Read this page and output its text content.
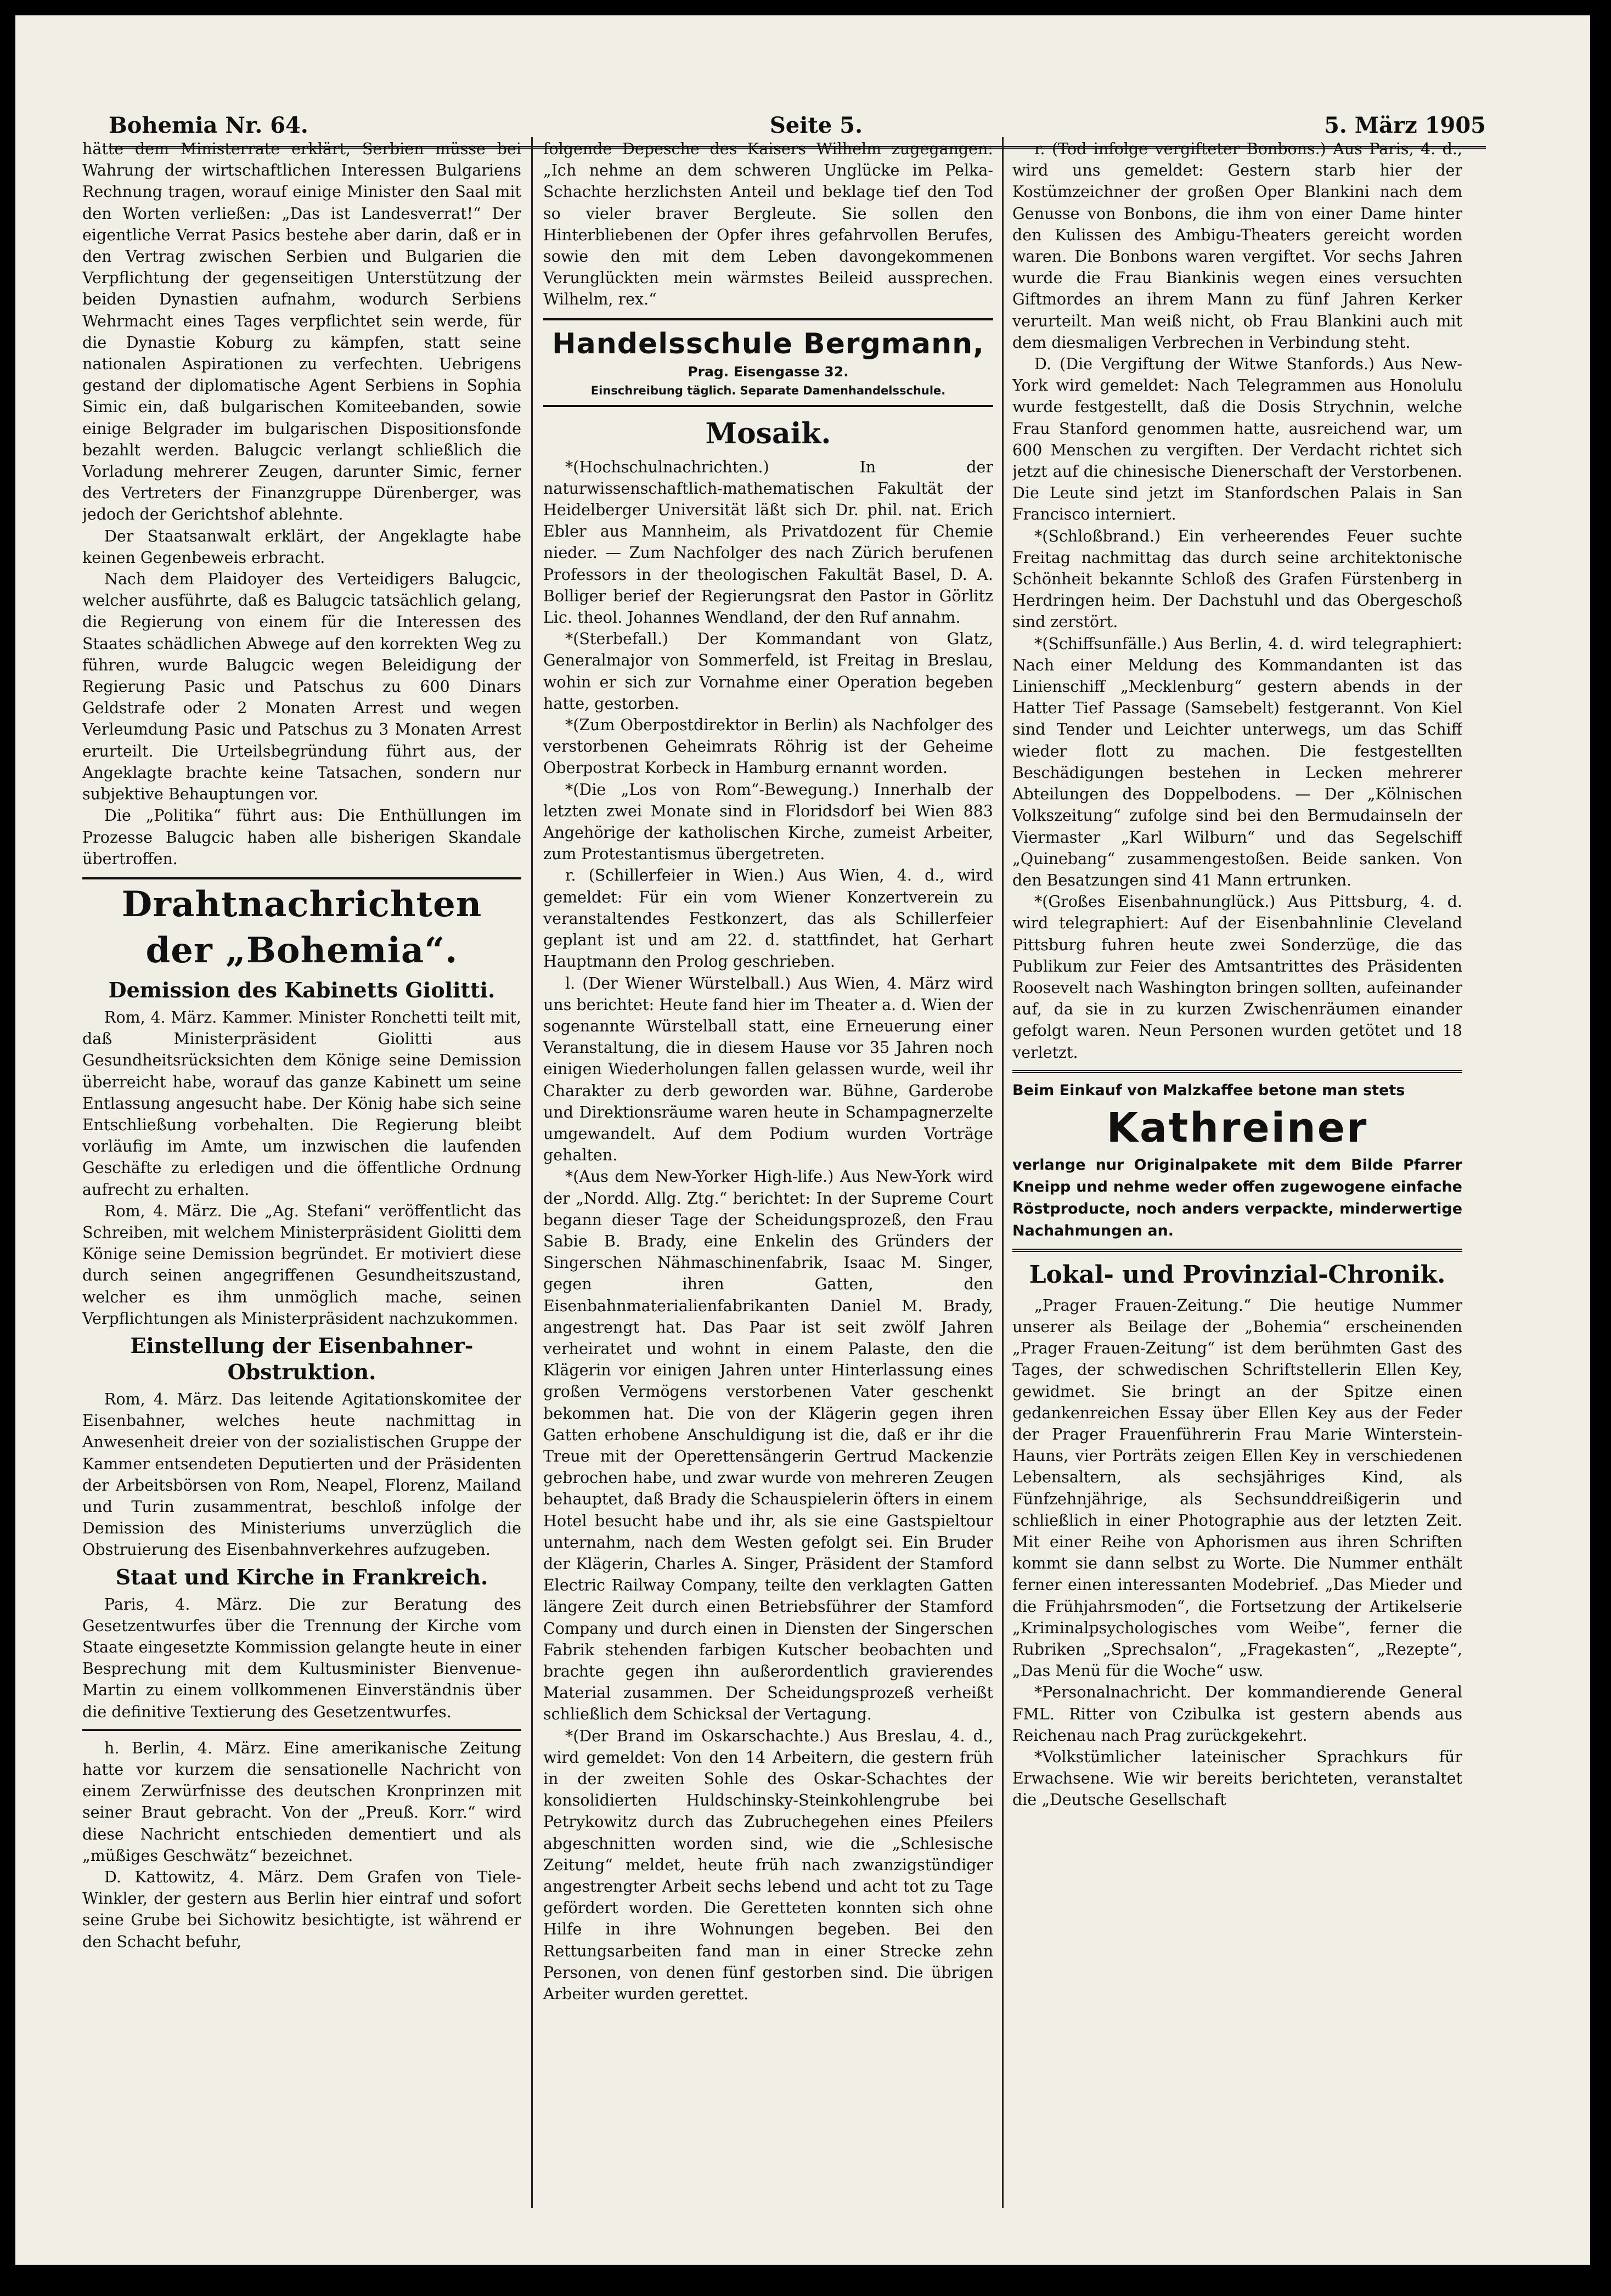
Bohemia Nr. 64.	Seite 5.	5. März 1905

hätte dem Ministerrate erklärt, Serbien müsse bei Wahrung der wirtschaftlichen Interessen Bulgariens Rechnung tragen, worauf einige Minister den Saal mit den Worten verließen: „Das ist Landesverrat!“ Der eigentliche Verrat Pasics bestehe aber darin, daß er in den Vertrag zwischen Serbien und Bulgarien die Verpflichtung der gegenseitigen Unterstützung der beiden Dynastien aufnahm, wodurch Serbiens Wehrmacht eines Tages verpflichtet sein werde, für die Dynastie Koburg zu kämpfen, statt seine nationalen Aspirationen zu verfechten. Uebrigens gestand der diplomatische Agent Serbiens in Sophia Simic ein, daß bulgarischen Komiteebanden, sowie einige Belgrader im bulgarischen Dispositionsfonde bezahlt werden. Balugcic verlangt schließlich die Vorladung mehrerer Zeugen, darunter Simic, ferner des Vertreters der Finanzgruppe Dürenberger, was jedoch der Gerichtshof ablehnte.

Der Staatsanwalt erklärt, der Angeklagte habe keinen Gegenbeweis erbracht.

Nach dem Plaidoyer des Verteidigers Balugcic, welcher ausführte, daß es Balugcic tatsächlich gelang, die Regierung von einem für die Interessen des Staates schädlichen Abwege auf den korrekten Weg zu führen, wurde Balugcic wegen Beleidigung der Regierung Pasic und Patschus zu 600 Dinars Geldstrafe oder 2 Monaten Arrest und wegen Verleumdung Pasic und Patschus zu 3 Monaten Arrest erurteilt. Die Urteilsbegründung führt aus, der Angeklagte brachte keine Tatsachen, sondern nur subjektive Behauptungen vor.

Die „Politika“ führt aus: Die Enthüllungen im Prozesse Balugcic haben alle bisherigen Skandale übertroffen.

Drahtnachrichten der „Bohemia“.
Demission des Kabinetts Giolitti.

Rom, 4. März. Kammer. Minister Ronchetti teilt mit, daß Ministerpräsident Giolitti aus Gesundheitsrücksichten dem Könige seine Demission überreicht habe, worauf das ganze Kabinett um seine Entlassung angesucht habe. Der König habe sich seine Entschließung vorbehalten. Die Regierung bleibt vorläufig im Amte, um inzwischen die laufenden Geschäfte zu erledigen und die öffentliche Ordnung aufrecht zu erhalten.

Rom, 4. März. Die „Ag. Stefani“ veröffentlicht das Schreiben, mit welchem Ministerpräsident Giolitti dem Könige seine Demission begründet. Er motiviert diese durch seinen angegriffenen Gesundheitszustand, welcher es ihm unmöglich mache, seinen Verpflichtungen als Ministerpräsident nachzukommen.

Einstellung der Eisenbahner-Obstruktion.

Rom, 4. März. Das leitende Agitationskomitee der Eisenbahner, welches heute nachmittag in Anwesenheit dreier von der sozialistischen Gruppe der Kammer entsendeten Deputierten und der Präsidenten der Arbeitsbörsen von Rom, Neapel, Florenz, Mailand und Turin zusammentrat, beschloß infolge der Demission des Ministeriums unverzüglich die Obstruierung des Eisenbahnverkehres aufzugeben.

Staat und Kirche in Frankreich.

Paris, 4. März. Die zur Beratung des Gesetzentwurfes über die Trennung der Kirche vom Staate eingesetzte Kommission gelangte heute in einer Besprechung mit dem Kultusminister Bienvenue-Martin zu einem vollkommenen Einverständnis über die definitive Textierung des Gesetzentwurfes.

h. Berlin, 4. März. Eine amerikanische Zeitung hatte vor kurzem die sensationelle Nachricht von einem Zerwürfnisse des deutschen Kronprinzen mit seiner Braut gebracht. Von der „Preuß. Korr.“ wird diese Nachricht entschieden dementiert und als „müßiges Geschwätz“ bezeichnet.

D. Kattowitz, 4. März. Dem Grafen von Tiele-Winkler, der gestern aus Berlin hier eintraf und sofort seine Grube bei Sichowitz besichtigte, ist während er den Schacht befuhr,

folgende Depesche des Kaisers Wilhelm zugegangen: „Ich nehme an dem schweren Unglücke im Pelka-Schachte herzlichsten Anteil und beklage tief den Tod so vieler braver Bergleute. Sie sollen den Hinterbliebenen der Opfer ihres gefahrvollen Berufes, sowie den mit dem Leben davongekommenen Verunglückten mein wärmstes Beileid aussprechen. Wilhelm, rex.“

Handelsschule Bergmann,
Prag. Eisengasse 32.
Einschreibung täglich. Separate Damenhandelsschule.
Mosaik.

*(Hochschulnachrichten.) In der naturwissenschaftlich-mathematischen Fakultät der Heidelberger Universität läßt sich Dr. phil. nat. Erich Ebler aus Mannheim, als Privatdozent für Chemie nieder. — Zum Nachfolger des nach Zürich berufenen Professors in der theologischen Fakultät Basel, D. A. Bolliger berief der Regierungsrat den Pastor in Görlitz Lic. theol. Johannes Wendland, der den Ruf annahm.

*(Sterbefall.) Der Kommandant von Glatz, Generalmajor von Sommerfeld, ist Freitag in Breslau, wohin er sich zur Vornahme einer Operation begeben hatte, gestorben.

*(Zum Oberpostdirektor in Berlin) als Nachfolger des verstorbenen Geheimrats Röhrig ist der Geheime Oberpostrat Korbeck in Hamburg ernannt worden.

*(Die „Los von Rom“-Bewegung.) Innerhalb der letzten zwei Monate sind in Floridsdorf bei Wien 883 Angehörige der katholischen Kirche, zumeist Arbeiter, zum Protestantismus übergetreten.

r. (Schillerfeier in Wien.) Aus Wien, 4. d., wird gemeldet: Für ein vom Wiener Konzertverein zu veranstaltendes Festkonzert, das als Schillerfeier geplant ist und am 22. d. stattfindet, hat Gerhart Hauptmann den Prolog geschrieben.

l. (Der Wiener Würstelball.) Aus Wien, 4. März wird uns berichtet: Heute fand hier im Theater a. d. Wien der sogenannte Würstelball statt, eine Erneuerung einer Veranstaltung, die in diesem Hause vor 35 Jahren noch einigen Wiederholungen fallen gelassen wurde, weil ihr Charakter zu derb geworden war. Bühne, Garderobe und Direktionsräume waren heute in Schampagnerzelte umgewandelt. Auf dem Podium wurden Vorträge gehalten.

*(Aus dem New-Yorker High-life.) Aus New-York wird der „Nordd. Allg. Ztg.“ berichtet: In der Supreme Court begann dieser Tage der Scheidungsprozeß, den Frau Sabie B. Brady, eine Enkelin des Gründers der Singerschen Nähmaschinenfabrik, Isaac M. Singer, gegen ihren Gatten, den Eisenbahnmaterialienfabrikanten Daniel M. Brady, angestrengt hat. Das Paar ist seit zwölf Jahren verheiratet und wohnt in einem Palaste, den die Klägerin vor einigen Jahren unter Hinterlassung eines großen Vermögens verstorbenen Vater geschenkt bekommen hat. Die von der Klägerin gegen ihren Gatten erhobene Anschuldigung ist die, daß er ihr die Treue mit der Operettensängerin Gertrud Mackenzie gebrochen habe, und zwar wurde von mehreren Zeugen behauptet, daß Brady die Schauspielerin öfters in einem Hotel besucht habe und ihr, als sie eine Gastspieltour unternahm, nach dem Westen gefolgt sei. Ein Bruder der Klägerin, Charles A. Singer, Präsident der Stamford Electric Railway Company, teilte den verklagten Gatten längere Zeit durch einen Betriebsführer der Stamford Company und durch einen in Diensten der Singerschen Fabrik stehenden farbigen Kutscher beobachten und brachte gegen ihn außerordentlich gravierendes Material zusammen. Der Scheidungsprozeß verheißt schließlich dem Schicksal der Vertagung.

*(Der Brand im Oskarschachte.) Aus Breslau, 4. d., wird gemeldet: Von den 14 Arbeitern, die gestern früh in der zweiten Sohle des Oskar-Schachtes der konsolidierten Huldschinsky-Steinkohlengrube bei Petrykowitz durch das Zubruchegehen eines Pfeilers abgeschnitten worden sind, wie die „Schlesische Zeitung“ meldet, heute früh nach zwanzigstündiger angestrengter Arbeit sechs lebend und acht tot zu Tage gefördert worden. Die Geretteten konnten sich ohne Hilfe in ihre Wohnungen begeben. Bei den Rettungsarbeiten fand man in einer Strecke zehn Personen, von denen fünf gestorben sind. Die übrigen Arbeiter wurden gerettet.

r. (Tod infolge vergifteter Bonbons.) Aus Paris, 4. d., wird uns gemeldet: Gestern starb hier der Kostümzeichner der großen Oper Blankini nach dem Genusse von Bonbons, die ihm von einer Dame hinter den Kulissen des Ambigu-Theaters gereicht worden waren. Die Bonbons waren vergiftet. Vor sechs Jahren wurde die Frau Biankinis wegen eines versuchten Giftmordes an ihrem Mann zu fünf Jahren Kerker verurteilt. Man weiß nicht, ob Frau Blankini auch mit dem diesmaligen Verbrechen in Verbindung steht.

D. (Die Vergiftung der Witwe Stanfords.) Aus New-York wird gemeldet: Nach Telegrammen aus Honolulu wurde festgestellt, daß die Dosis Strychnin, welche Frau Stanford genommen hatte, ausreichend war, um 600 Menschen zu vergiften. Der Verdacht richtet sich jetzt auf die chinesische Dienerschaft der Verstorbenen. Die Leute sind jetzt im Stanfordschen Palais in San Francisco interniert.

*(Schloßbrand.) Ein verheerendes Feuer suchte Freitag nachmittag das durch seine architektonische Schönheit bekannte Schloß des Grafen Fürstenberg in Herdringen heim. Der Dachstuhl und das Obergeschoß sind zerstört.

*(Schiffsunfälle.) Aus Berlin, 4. d. wird telegraphiert: Nach einer Meldung des Kommandanten ist das Linienschiff „Mecklenburg“ gestern abends in der Hatter Tief Passage (Samsebelt) festgerannt. Von Kiel sind Tender und Leichter unterwegs, um das Schiff wieder flott zu machen. Die festgestellten Beschädigungen bestehen in Lecken mehrerer Abteilungen des Doppelbodens. — Der „Kölnischen Volkszeitung“ zufolge sind bei den Bermudainseln der Viermaster „Karl Wilburn“ und das Segelschiff „Quinebang“ zusammengestoßen. Beide sanken. Von den Besatzungen sind 41 Mann ertrunken.

*(Großes Eisenbahnunglück.) Aus Pittsburg, 4. d. wird telegraphiert: Auf der Eisenbahnlinie Cleveland Pittsburg fuhren heute zwei Sonderzüge, die das Publikum zur Feier des Amtsantrittes des Präsidenten Roosevelt nach Washington bringen sollten, aufeinander auf, da sie in zu kurzen Zwischenräumen einander gefolgt waren. Neun Personen wurden getötet und 18 verletzt.

Beim Einkauf von Malzkaffee betone man stets
Kathreiner
verlange nur Originalpakete mit dem Bilde Pfarrer Kneipp und nehme weder offen zugewogene einfache Röstproducte, noch anders verpackte, minderwertige Nachahmungen an.
Lokal- und Provinzial-Chronik.

„Prager Frauen-Zeitung.“ Die heutige Nummer unserer als Beilage der „Bohemia“ erscheinenden „Prager Frauen-Zeitung“ ist dem berühmten Gast des Tages, der schwedischen Schriftstellerin Ellen Key, gewidmet. Sie bringt an der Spitze einen gedankenreichen Essay über Ellen Key aus der Feder der Prager Frauenführerin Frau Marie Winterstein-Hauns, vier Porträts zeigen Ellen Key in verschiedenen Lebensaltern, als sechsjähriges Kind, als Fünfzehnjährige, als Sechsunddreißigerin und schließlich in einer Photographie aus der letzten Zeit. Mit einer Reihe von Aphorismen aus ihren Schriften kommt sie dann selbst zu Worte. Die Nummer enthält ferner einen interessanten Modebrief. „Das Mieder und die Frühjahrsmoden“, die Fortsetzung der Artikelserie „Kriminalpsychologisches vom Weibe“, ferner die Rubriken „Sprechsalon“, „Fragekasten“, „Rezepte“, „Das Menü für die Woche“ usw.

*Personalnachricht. Der kommandierende General FML. Ritter von Czibulka ist gestern abends aus Reichenau nach Prag zurückgekehrt.

*Volkstümlicher lateinischer Sprachkurs für Erwachsene. Wie wir bereits berichteten, veranstaltet die „Deutsche Gesellschaft
